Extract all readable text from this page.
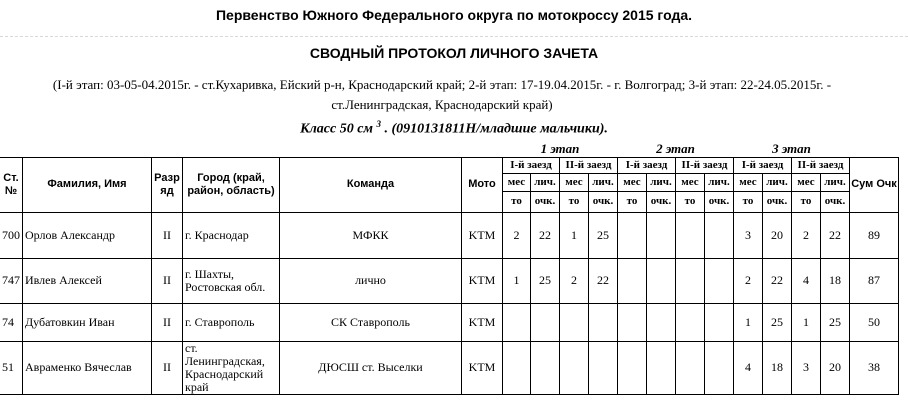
Первенство Южного Федерального округа по мотокроссу 2015 года.
СВОДНЫЙ ПРОТОКОЛ ЛИЧНОГО ЗАЧЕТА
(I-й этап: 03-05-04.2015г. - ст.Кухаривка, Ейский р-н, Краснодарский край; 2-й этап: 17-19.04.2015г. - г. Волгоград; 3-й этап: 22-24.05.2015г. -
ст.Ленинградская, Краснодарский край)
Класс 50 см $^3$ . (0910131811Н/младшие мальчики).
						1 этап				2 этап				3 этап				
Ст. №	Фамилия, Имя	Разр яд	Город (край, район, область)	Команда	Мото	I-й заезд		II-й заезд		I-й заезд		II-й заезд		I-й заезд		II-й заезд		Сум Очк
						мес	лич.	мес	лич.	мес	лич.	мес	лич.	мес	лич.	мес	лич.	
						то	очк.	то	очк.	то	очк.	то	очк.	то	очк.	то	очк.	
700	Орлов Александр	II	г. Краснодар	МФКК	KTM	2	22	1	25					3	20	2	22	89
747	Ивлев Алексей	II	г. Шахты, Ростовская обл.	лично	KTM	1	25	2	22					2	22	4	18	87
74	Дубатовкин Иван	II	г. Ставрополь	СК Ставрополь	KTM									1	25	1	25	50
51	Авраменко Вячеслав	II	ст. Ленинградская, Краснодарский край	ДЮСШ ст. Выселки	KTM									4	18	3	20	38
